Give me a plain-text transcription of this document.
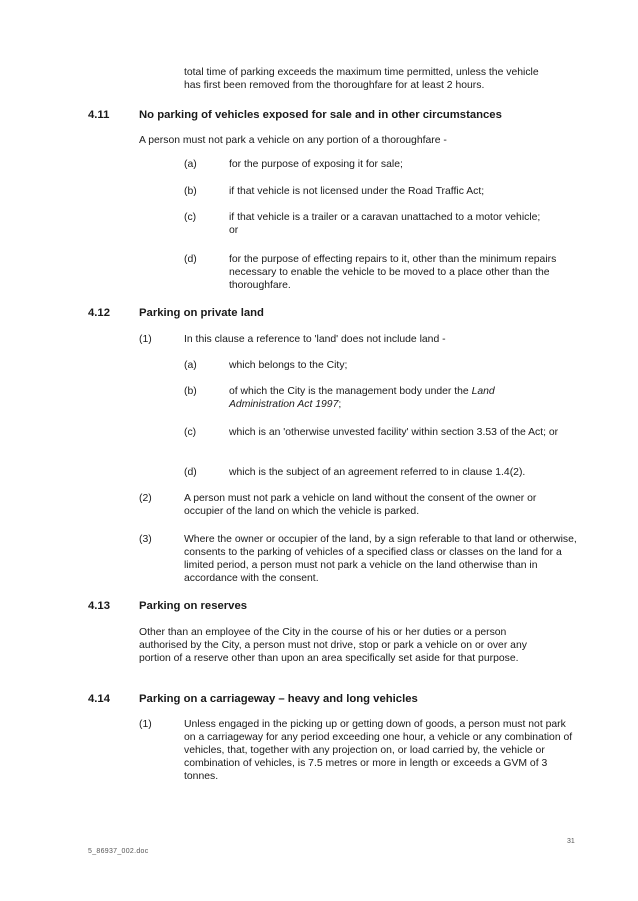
total time of parking exceeds the maximum time permitted, unless the vehicle has first been removed from the thoroughfare for at least 2 hours.
4.11	No parking of vehicles exposed for sale and in other circumstances
A person must not park a vehicle on any portion of a thoroughfare -
(a)	for the purpose of exposing it for sale;
(b)	if that vehicle is not licensed under the Road Traffic Act;
(c)	if that vehicle is a trailer or a caravan unattached to a motor vehicle; or
(d)	for the purpose of effecting repairs to it, other than the minimum repairs necessary to enable the vehicle to be moved to a place other than the thoroughfare.
4.12	Parking on private land
(1)	In this clause a reference to 'land' does not include land -
(a)	which belongs to the City;
(b)	of which the City is the management body under the Land Administration Act 1997;
(c)	which is an 'otherwise unvested facility' within section 3.53 of the Act; or
(d)	which is the subject of an agreement referred to in clause 1.4(2).
(2)	A person must not park a vehicle on land without the consent of the owner or occupier of the land on which the vehicle is parked.
(3)	Where the owner or occupier of the land, by a sign referable to that land or otherwise, consents to the parking of vehicles of a specified class or classes on the land for a limited period, a person must not park a vehicle on the land otherwise than in accordance with the consent.
4.13	Parking on reserves
Other than an employee of the City in the course of his or her duties or a person authorised by the City, a person must not drive, stop or park a vehicle on or over any portion of a reserve other than upon an area specifically set aside for that purpose.
4.14	Parking on a carriageway – heavy and long vehicles
(1)	Unless engaged in the picking up or getting down of goods, a person must not park on a carriageway for any period exceeding one hour, a vehicle or any combination of vehicles, that, together with any projection on, or load carried by, the vehicle or combination of vehicles, is 7.5 metres or more in length or exceeds a GVM of 3 tonnes.
31
5_86937_002.doc
